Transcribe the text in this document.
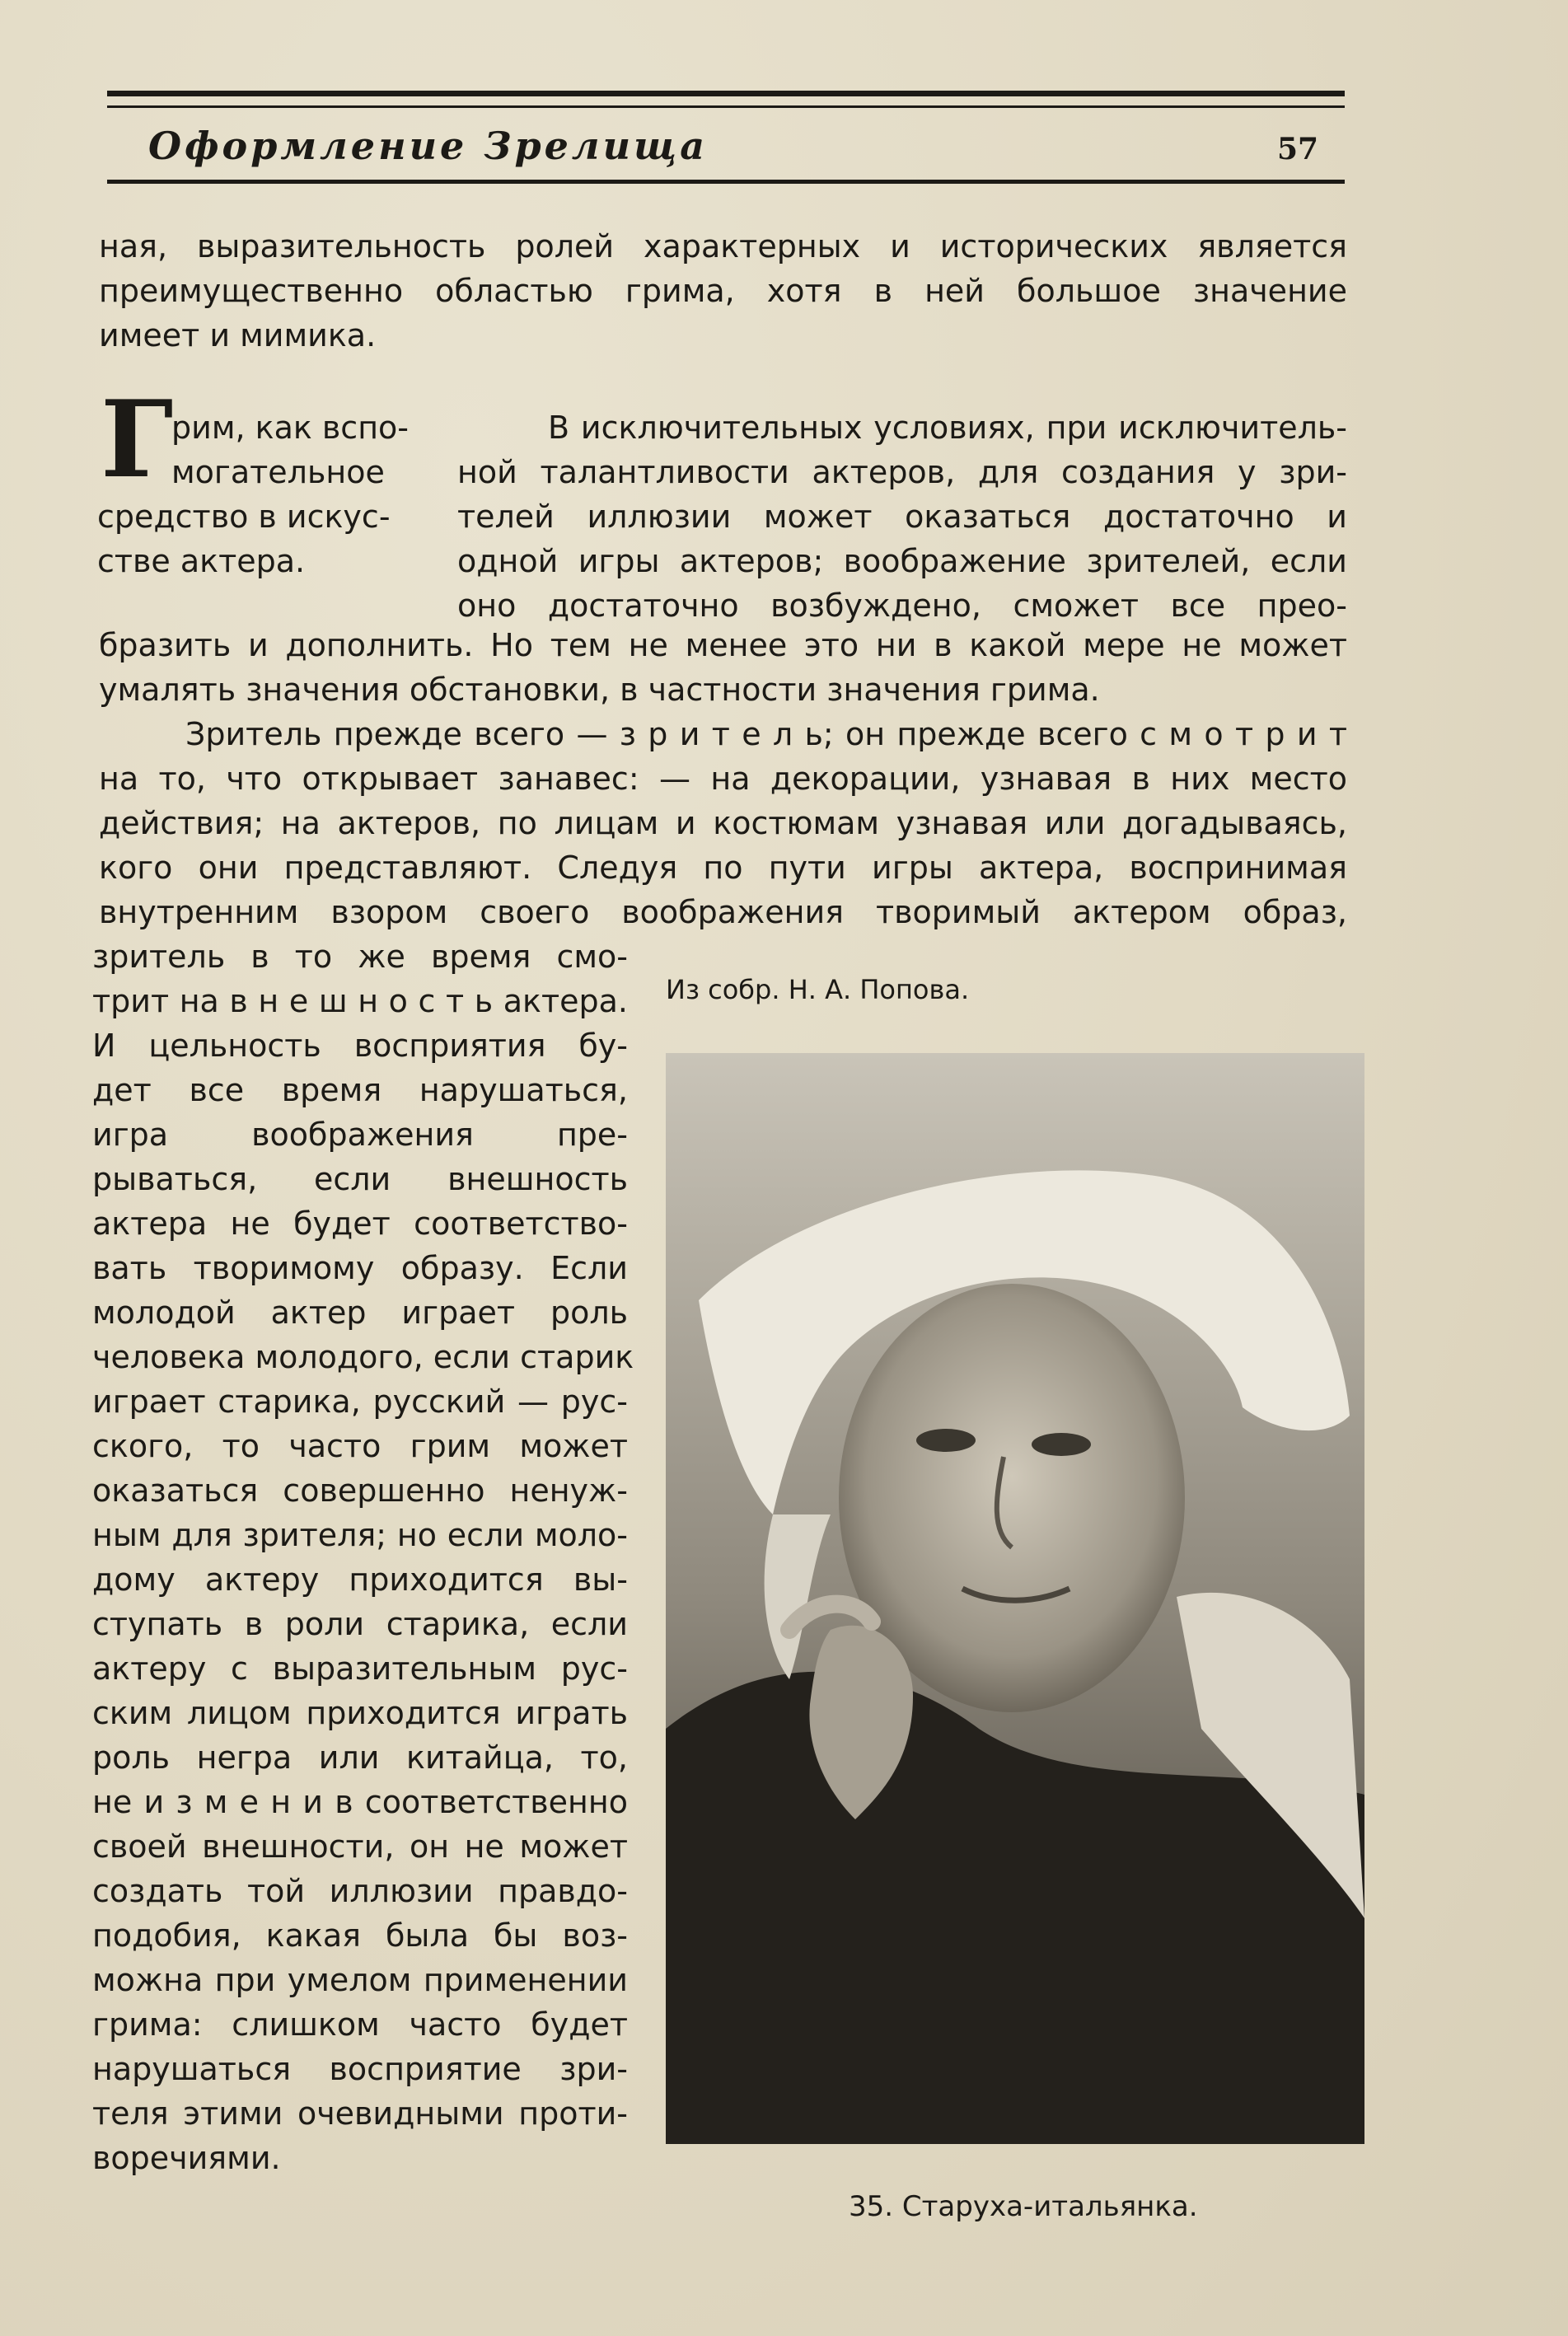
Оформление Зрелища	57
ная, выразительность ролей характерных и исторических является
преимущественно областью грима, хотя в ней большое значение
имеет и мимика.
Г
рим, как вспо-
могательное
средство в искус-
стве актера.
В исключительных условиях, при исключитель-
ной талантливости актеров, для создания у зри-
телей иллюзии может оказаться достаточно и
одной игры актеров; воображение зрителей, если
оно достаточно возбуждено, сможет все прео-
бразить и дополнить. Но тем не менее это ни в какой мере не может
умалять значения обстановки, в частности значения грима.
Зритель прежде всего — з р и т е л ь; он прежде всего с м о т р и т
на то, что открывает занавес: — на декорации, узнавая в них место
действия; на актеров, по лицам и костюмам узнавая или догадываясь,
кого они представляют. Следуя по пути игры актера, воспринимая
внутренним взором своего воображения творимый актером образ,
зритель в то же время смо-
трит на в н е ш н о с т ь актера.
И цельность восприятия бу-
дет все время нарушаться,
игра воображения пре-
рываться, если внешность
актера не будет соответство-
вать творимому образу. Если
молодой актер играет роль
человека молодого, если старик
играет старика, русский — рус-
ского, то часто грим может
оказаться совершенно ненуж-
ным для зрителя; но если моло-
дому актеру приходится вы-
ступать в роли старика, если
актеру с выразительным рус-
ским лицом приходится играть
роль негра или китайца, то,
не и з м е н и в соответственно
своей внешности, он не может
создать той иллюзии правдо-
подобия, какая была бы воз-
можна при умелом применении
грима: слишком часто будет
нарушаться восприятие зри-
теля этими очевидными проти-
воречиями.
Из собр. Н. А. Попова.
35. Старуха-итальянка.
